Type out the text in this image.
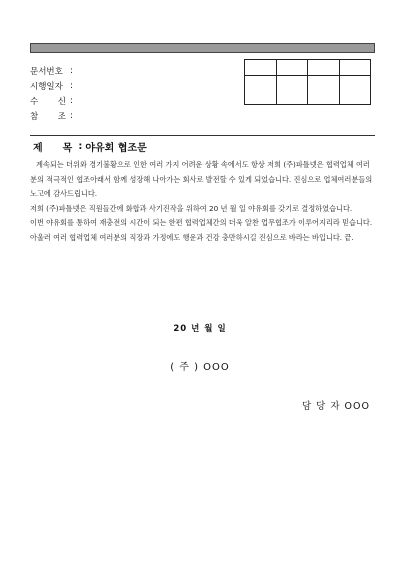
문서번호 :
시행일자 :
수 신 :
참 조 :

제 목 : 야유회 협조문

계속되는 더위와 경기불황으로 인한 여러 가지 어려운 상황 속에서도 항상 저희 (주)파틀넷은 협력업체 여러분의 적극적인 협조아래서 함께 성장해 나아가는 회사로 발전할 수 있게 되었습니다. 진심으로 업체여러분들의 노고에 감사드립니다.

저희 (주)파틀넷은 직원들간에 화합과 사기진작을 위하여 20 년 월 일 야유회를 갖기로 결정하였습니다.

이번 야유회를 통하여 재충전의 시간이 되는 한편 협력업체간의 더욱 알찬 업무협조가 이루어지리라 믿습니다.

아울러 여러 협력업체 여러분의 직장과 가정에도 행운과 건강 충만하시길 진심으로 바라는 바입니다. 끝.

20 년 월 일
( 주 ) OOO
담 당 자 OOO
